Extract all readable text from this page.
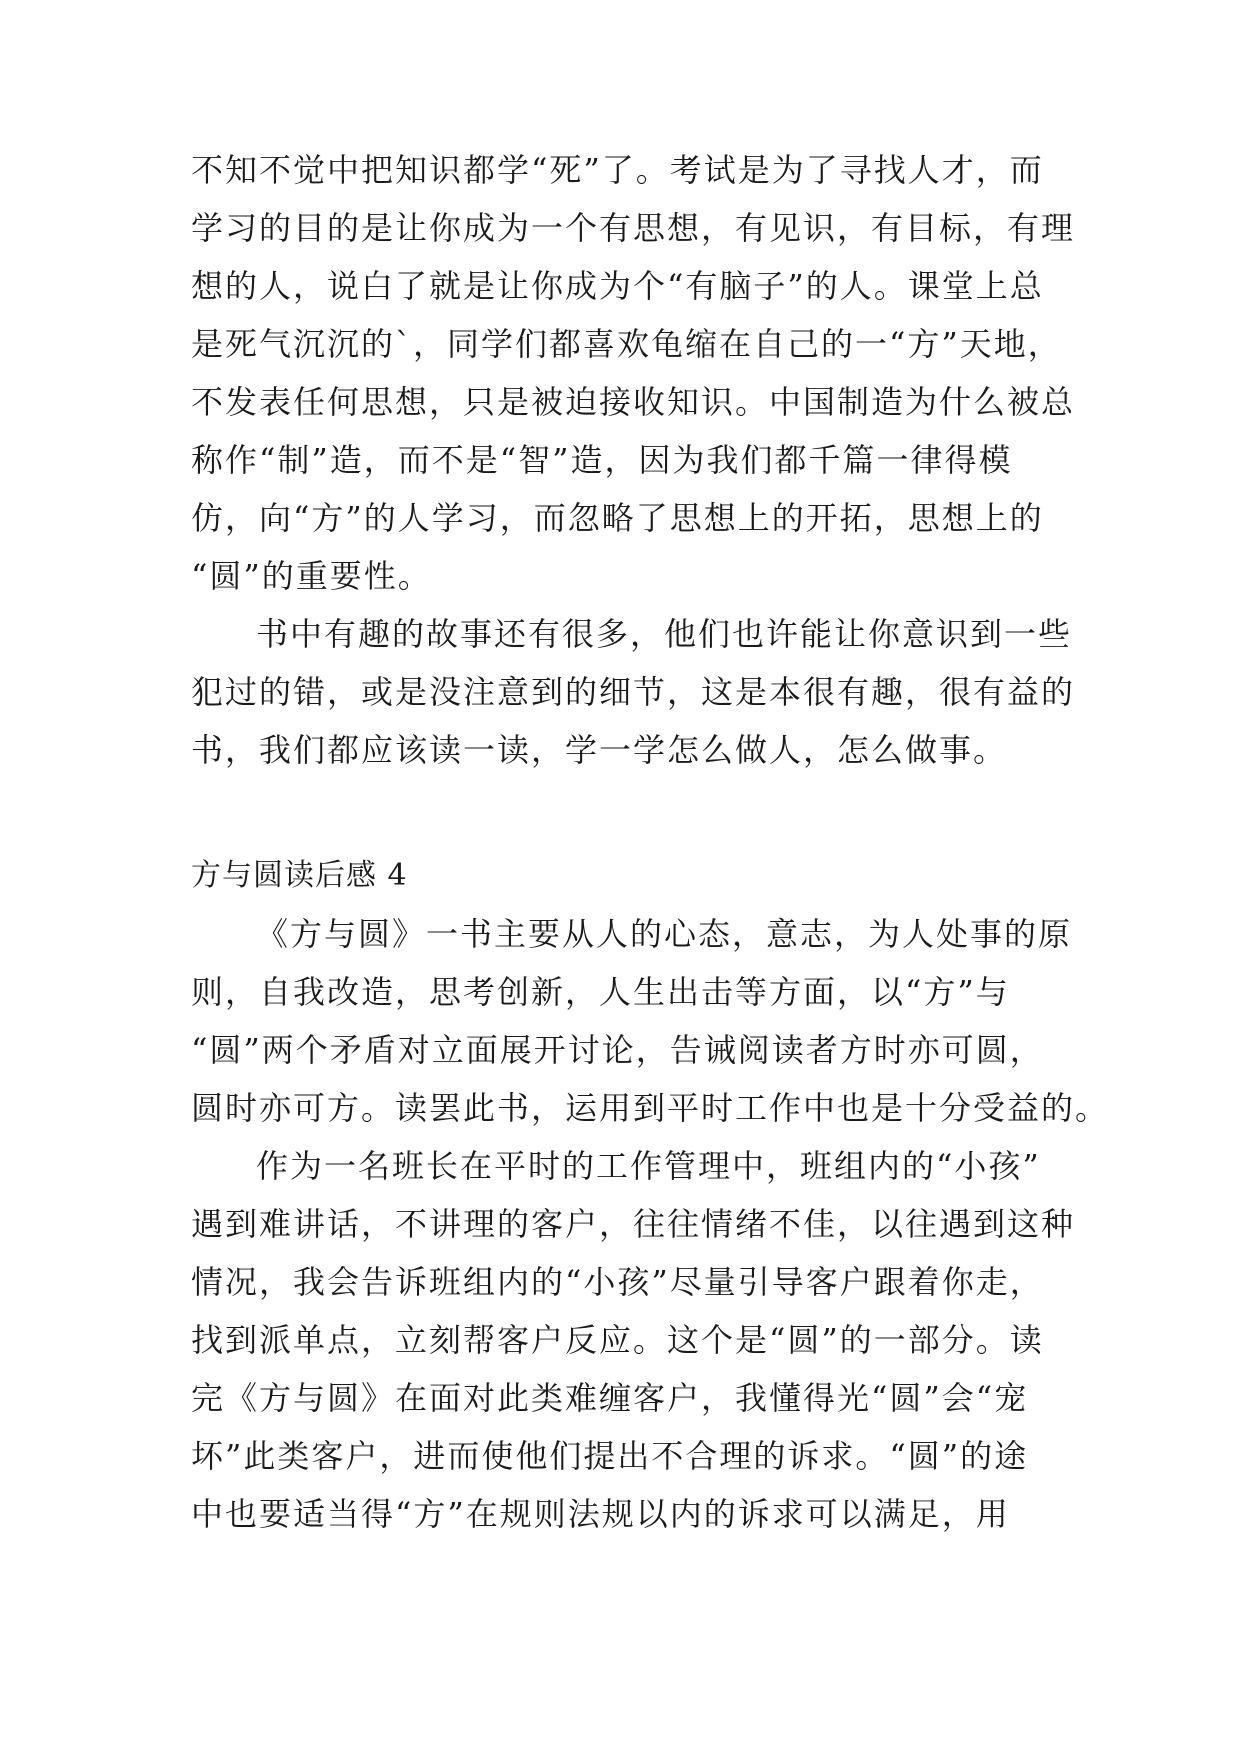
不知不觉中把知识都学“死”了。考试是为了寻找人才，而
学习的目的是让你成为一个有思想，有见识，有目标，有理
想的人，说白了就是让你成为个“有脑子”的人。课堂上总
是死气沉沉的`，同学们都喜欢龟缩在自己的一“方”天地，
不发表任何思想，只是被迫接收知识。中国制造为什么被总
称作“制”造，而不是“智”造，因为我们都千篇一律得模
仿，向“方”的人学习，而忽略了思想上的开拓，思想上的
“圆”的重要性。
书中有趣的故事还有很多，他们也许能让你意识到一些
犯过的错，或是没注意到的细节，这是本很有趣，很有益的
书，我们都应该读一读，学一学怎么做人，怎么做事。
方与圆读后感 4
《方与圆》一书主要从人的心态，意志，为人处事的原
则，自我改造，思考创新，人生出击等方面，以“方”与
“圆”两个矛盾对立面展开讨论，告诫阅读者方时亦可圆，
圆时亦可方。读罢此书，运用到平时工作中也是十分受益的。
作为一名班长在平时的工作管理中，班组内的“小孩”
遇到难讲话，不讲理的客户，往往情绪不佳，以往遇到这种
情况，我会告诉班组内的“小孩”尽量引导客户跟着你走，
找到派单点，立刻帮客户反应。这个是“圆”的一部分。读
完《方与圆》在面对此类难缠客户，我懂得光“圆”会“宠
坏”此类客户，进而使他们提出不合理的诉求。“圆”的途
中也要适当得“方”在规则法规以内的诉求可以满足，用
